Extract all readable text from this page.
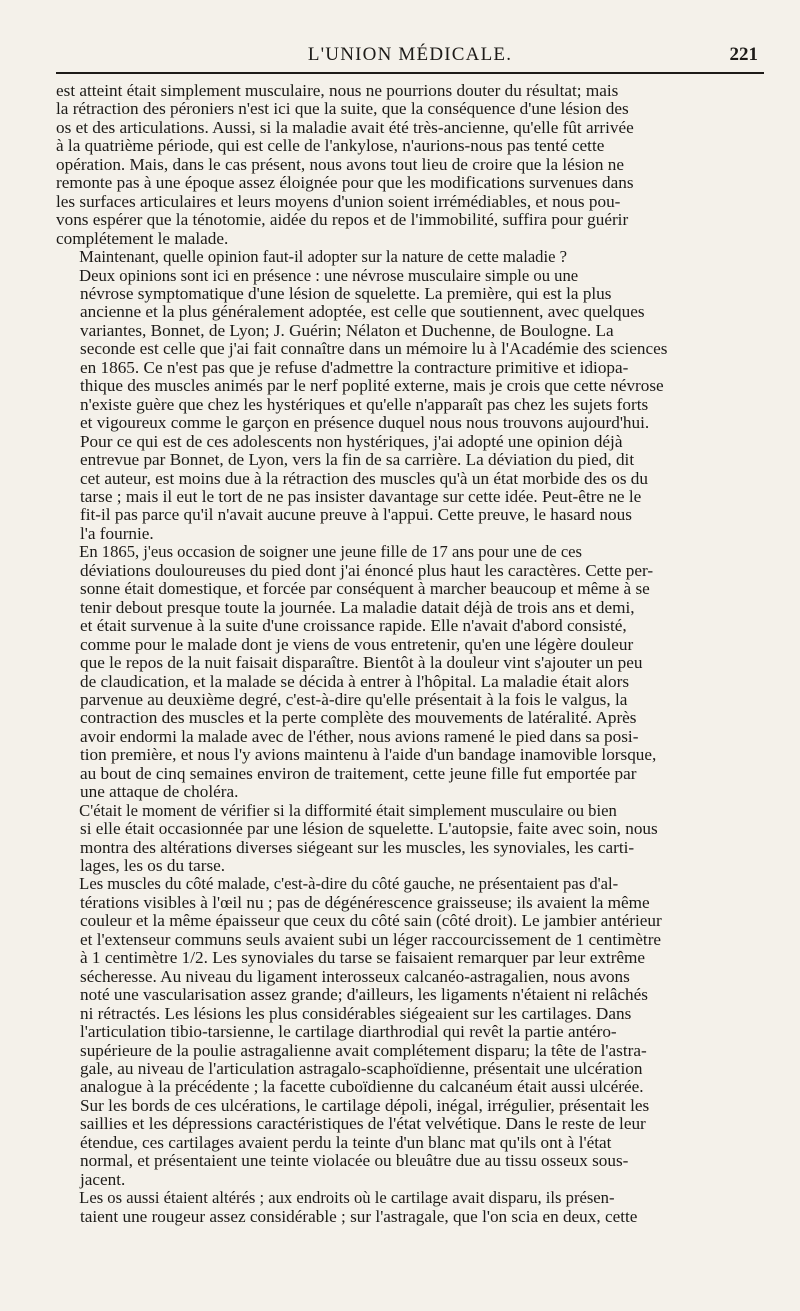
L'UNION MÉDICALE.	221
est atteint était simplement musculaire, nous ne pourrions douter du résultat; mais
la rétraction des péroniers n'est ici que la suite, que la conséquence d'une lésion des
os et des articulations. Aussi, si la maladie avait été très-ancienne, qu'elle fût arrivée
à la quatrième période, qui est celle de l'ankylose, n'aurions-nous pas tenté cette
opération. Mais, dans le cas présent, nous avons tout lieu de croire que la lésion ne
remonte pas à une époque assez éloignée pour que les modifications survenues dans
les surfaces articulaires et leurs moyens d'union soient irrémédiables, et nous pou-
vons espérer que la ténotomie, aidée du repos et de l'immobilité, suffira pour guérir
complétement le malade.
Maintenant, quelle opinion faut-il adopter sur la nature de cette maladie ?
Deux opinions sont ici en présence : une névrose musculaire simple ou une
névrose symptomatique d'une lésion de squelette. La première, qui est la plus
ancienne et la plus généralement adoptée, est celle que soutiennent, avec quelques
variantes, Bonnet, de Lyon; J. Guérin; Nélaton et Duchenne, de Boulogne. La
seconde est celle que j'ai fait connaître dans un mémoire lu à l'Académie des sciences
en 1865. Ce n'est pas que je refuse d'admettre la contracture primitive et idiopa-
thique des muscles animés par le nerf poplité externe, mais je crois que cette névrose
n'existe guère que chez les hystériques et qu'elle n'apparaît pas chez les sujets forts
et vigoureux comme le garçon en présence duquel nous nous trouvons aujourd'hui.
Pour ce qui est de ces adolescents non hystériques, j'ai adopté une opinion déjà
entrevue par Bonnet, de Lyon, vers la fin de sa carrière. La déviation du pied, dit
cet auteur, est moins due à la rétraction des muscles qu'à un état morbide des os du
tarse ; mais il eut le tort de ne pas insister davantage sur cette idée. Peut-être ne le
fit-il pas parce qu'il n'avait aucune preuve à l'appui. Cette preuve, le hasard nous
l'a fournie.
En 1865, j'eus occasion de soigner une jeune fille de 17 ans pour une de ces
déviations douloureuses du pied dont j'ai énoncé plus haut les caractères. Cette per-
sonne était domestique, et forcée par conséquent à marcher beaucoup et même à se
tenir debout presque toute la journée. La maladie datait déjà de trois ans et demi,
et était survenue à la suite d'une croissance rapide. Elle n'avait d'abord consisté,
comme pour le malade dont je viens de vous entretenir, qu'en une légère douleur
que le repos de la nuit faisait disparaître. Bientôt à la douleur vint s'ajouter un peu
de claudication, et la malade se décida à entrer à l'hôpital. La maladie était alors
parvenue au deuxième degré, c'est-à-dire qu'elle présentait à la fois le valgus, la
contraction des muscles et la perte complète des mouvements de latéralité. Après
avoir endormi la malade avec de l'éther, nous avions ramené le pied dans sa posi-
tion première, et nous l'y avions maintenu à l'aide d'un bandage inamovible lorsque,
au bout de cinq semaines environ de traitement, cette jeune fille fut emportée par
une attaque de choléra.
C'était le moment de vérifier si la difformité était simplement musculaire ou bien
si elle était occasionnée par une lésion de squelette. L'autopsie, faite avec soin, nous
montra des altérations diverses siégeant sur les muscles, les synoviales, les carti-
lages, les os du tarse.
Les muscles du côté malade, c'est-à-dire du côté gauche, ne présentaient pas d'al-
térations visibles à l'œil nu ; pas de dégénérescence graisseuse; ils avaient la même
couleur et la même épaisseur que ceux du côté sain (côté droit). Le jambier antérieur
et l'extenseur communs seuls avaient subi un léger raccourcissement de 1 centimètre
à 1 centimètre 1/2. Les synoviales du tarse se faisaient remarquer par leur extrême
sécheresse. Au niveau du ligament interosseux calcanéo-astragalien, nous avons
noté une vascularisation assez grande; d'ailleurs, les ligaments n'étaient ni relâchés
ni rétractés. Les lésions les plus considérables siégeaient sur les cartilages. Dans
l'articulation tibio-tarsienne, le cartilage diarthrodial qui revêt la partie antéro-
supérieure de la poulie astragalienne avait complétement disparu; la tête de l'astra-
gale, au niveau de l'articulation astragalo-scaphoïdienne, présentait une ulcération
analogue à la précédente ; la facette cuboïdienne du calcanéum était aussi ulcérée.
Sur les bords de ces ulcérations, le cartilage dépoli, inégal, irrégulier, présentait les
saillies et les dépressions caractéristiques de l'état velvétique. Dans le reste de leur
étendue, ces cartilages avaient perdu la teinte d'un blanc mat qu'ils ont à l'état
normal, et présentaient une teinte violacée ou bleuâtre due au tissu osseux sous-
jacent.
Les os aussi étaient altérés ; aux endroits où le cartilage avait disparu, ils présen-
taient une rougeur assez considérable ; sur l'astragale, que l'on scia en deux, cette
